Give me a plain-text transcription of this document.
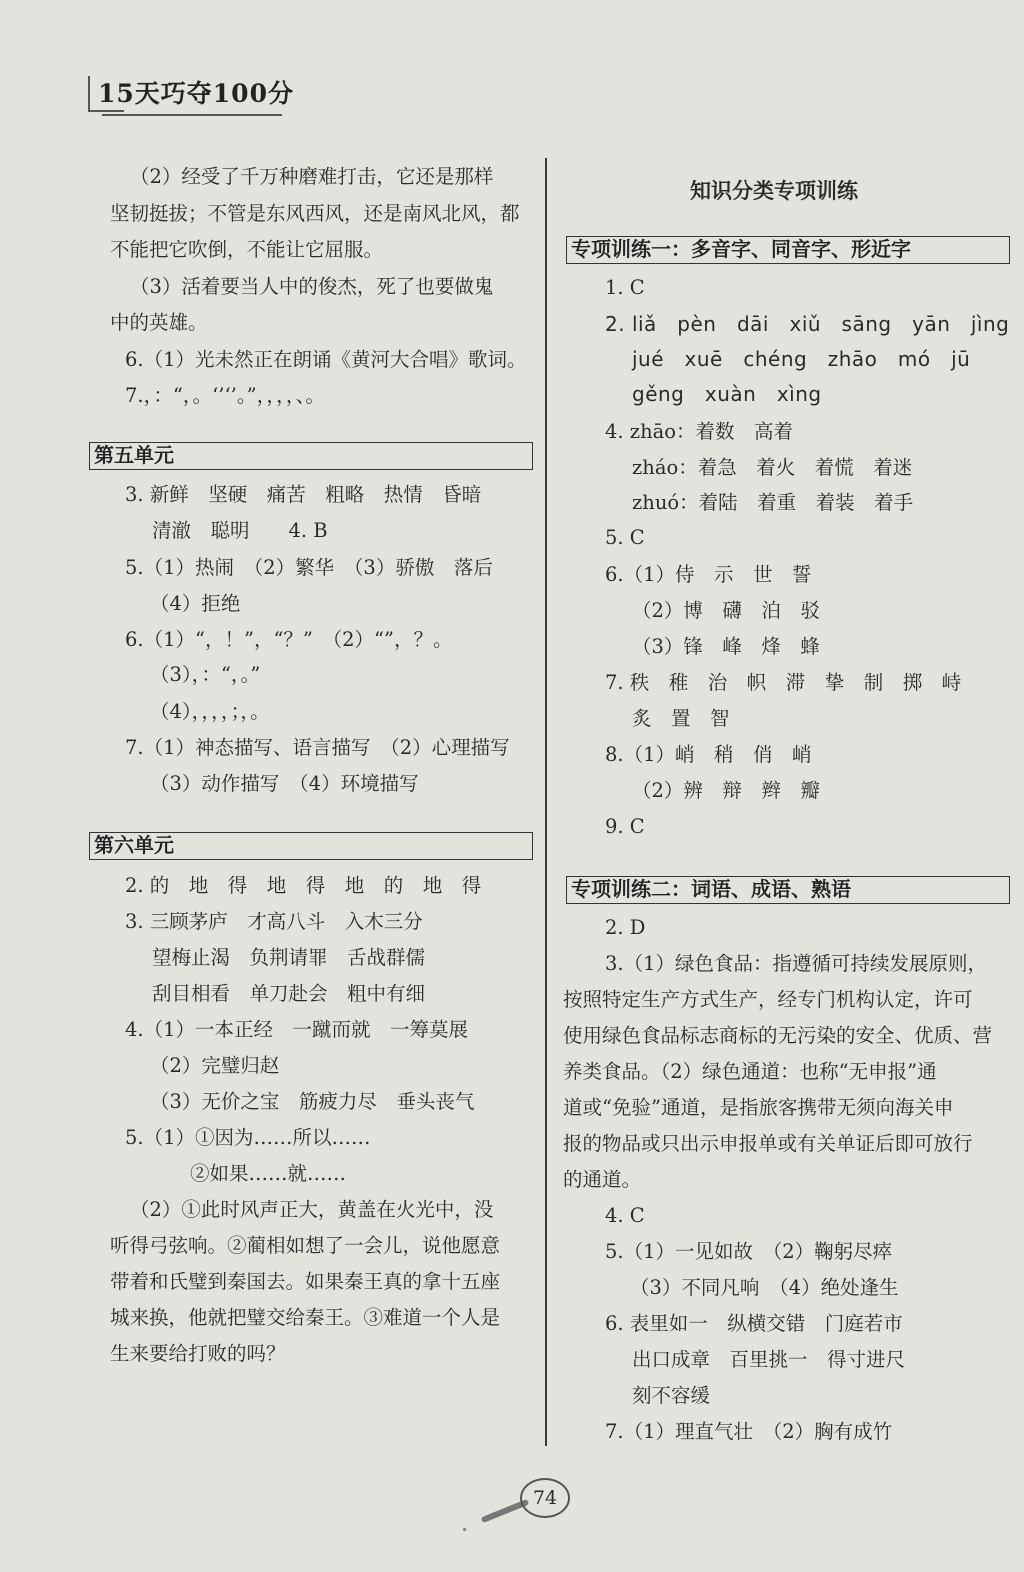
15天巧夺100分
（2）经受了千万种磨难打击，它还是那样
坚韧挺拔；不管是东风西风，还是南风北风，都
不能把它吹倒，不能让它屈服。
（3）活着要当人中的俊杰，死了也要做鬼
中的英雄。
6.（1）光未然正在朗诵《黄河大合唱》歌词。
7.，：“，。‘’‘’。”，，，，、。
第五单元
3. 新鲜　坚硬　痛苦　粗略　热情　昏暗
清澈　聪明　　4. B
5.（1）热闹　（2）繁华　（3）骄傲　落后
（4）拒绝
6.（1）“，！”，“？”　（2）“”，？。
（3），：“，。”
（4），，，，；，。
7.（1）神态描写、语言描写　（2）心理描写
（3）动作描写　（4）环境描写
第六单元
2. 的　地　得　地　得　地　的　地　得
3. 三顾茅庐　才高八斗　入木三分
望梅止渴　负荆请罪　舌战群儒
刮目相看　单刀赴会　粗中有细
4.（1）一本正经　一蹴而就　一筹莫展
（2）完璧归赵
（3）无价之宝　筋疲力尽　垂头丧气
5.（1）①因为……所以……
②如果……就……
（2）①此时风声正大，黄盖在火光中，没
听得弓弦响。②蔺相如想了一会儿，说他愿意
带着和氏璧到秦国去。如果秦王真的拿十五座
城来换，他就把璧交给秦王。③难道一个人是
生来要给打败的吗？
知识分类专项训练
专项训练一：多音字、同音字、形近字
1. C
2. liǎ　pèn　dāi　xiǔ　sāng　yān　jìng
jué　xuē　chéng　zhāo　mó　jū
gěng　xuàn　xìng
4. zhāo：着数　高着
zháo：着急　着火　着慌　着迷
zhuó：着陆　着重　着装　着手
5. C
6.（1）侍　示　世　誓
（2）博　礴　泊　驳
（3）锋　峰　烽　蜂
7. 秩　稚　治　帜　滞　挚　制　掷　峙
炙　置　智
8.（1）峭　稍　俏　峭
（2）辨　辩　辫　瓣
9. C
专项训练二：词语、成语、熟语
2. D
3.（1）绿色食品：指遵循可持续发展原则，
按照特定生产方式生产，经专门机构认定，许可
使用绿色食品标志商标的无污染的安全、优质、营
养类食品。（2）绿色通道：也称“无申报”通
道或“免验”通道，是指旅客携带无须向海关申
报的物品或只出示申报单或有关单证后即可放行
的通道。
4. C
5.（1）一见如故　（2）鞠躬尽瘁
（3）不同凡响　（4）绝处逢生
6. 表里如一　纵横交错　门庭若市
出口成章　百里挑一　得寸进尺
刻不容缓
7.（1）理直气壮　（2）胸有成竹
74
